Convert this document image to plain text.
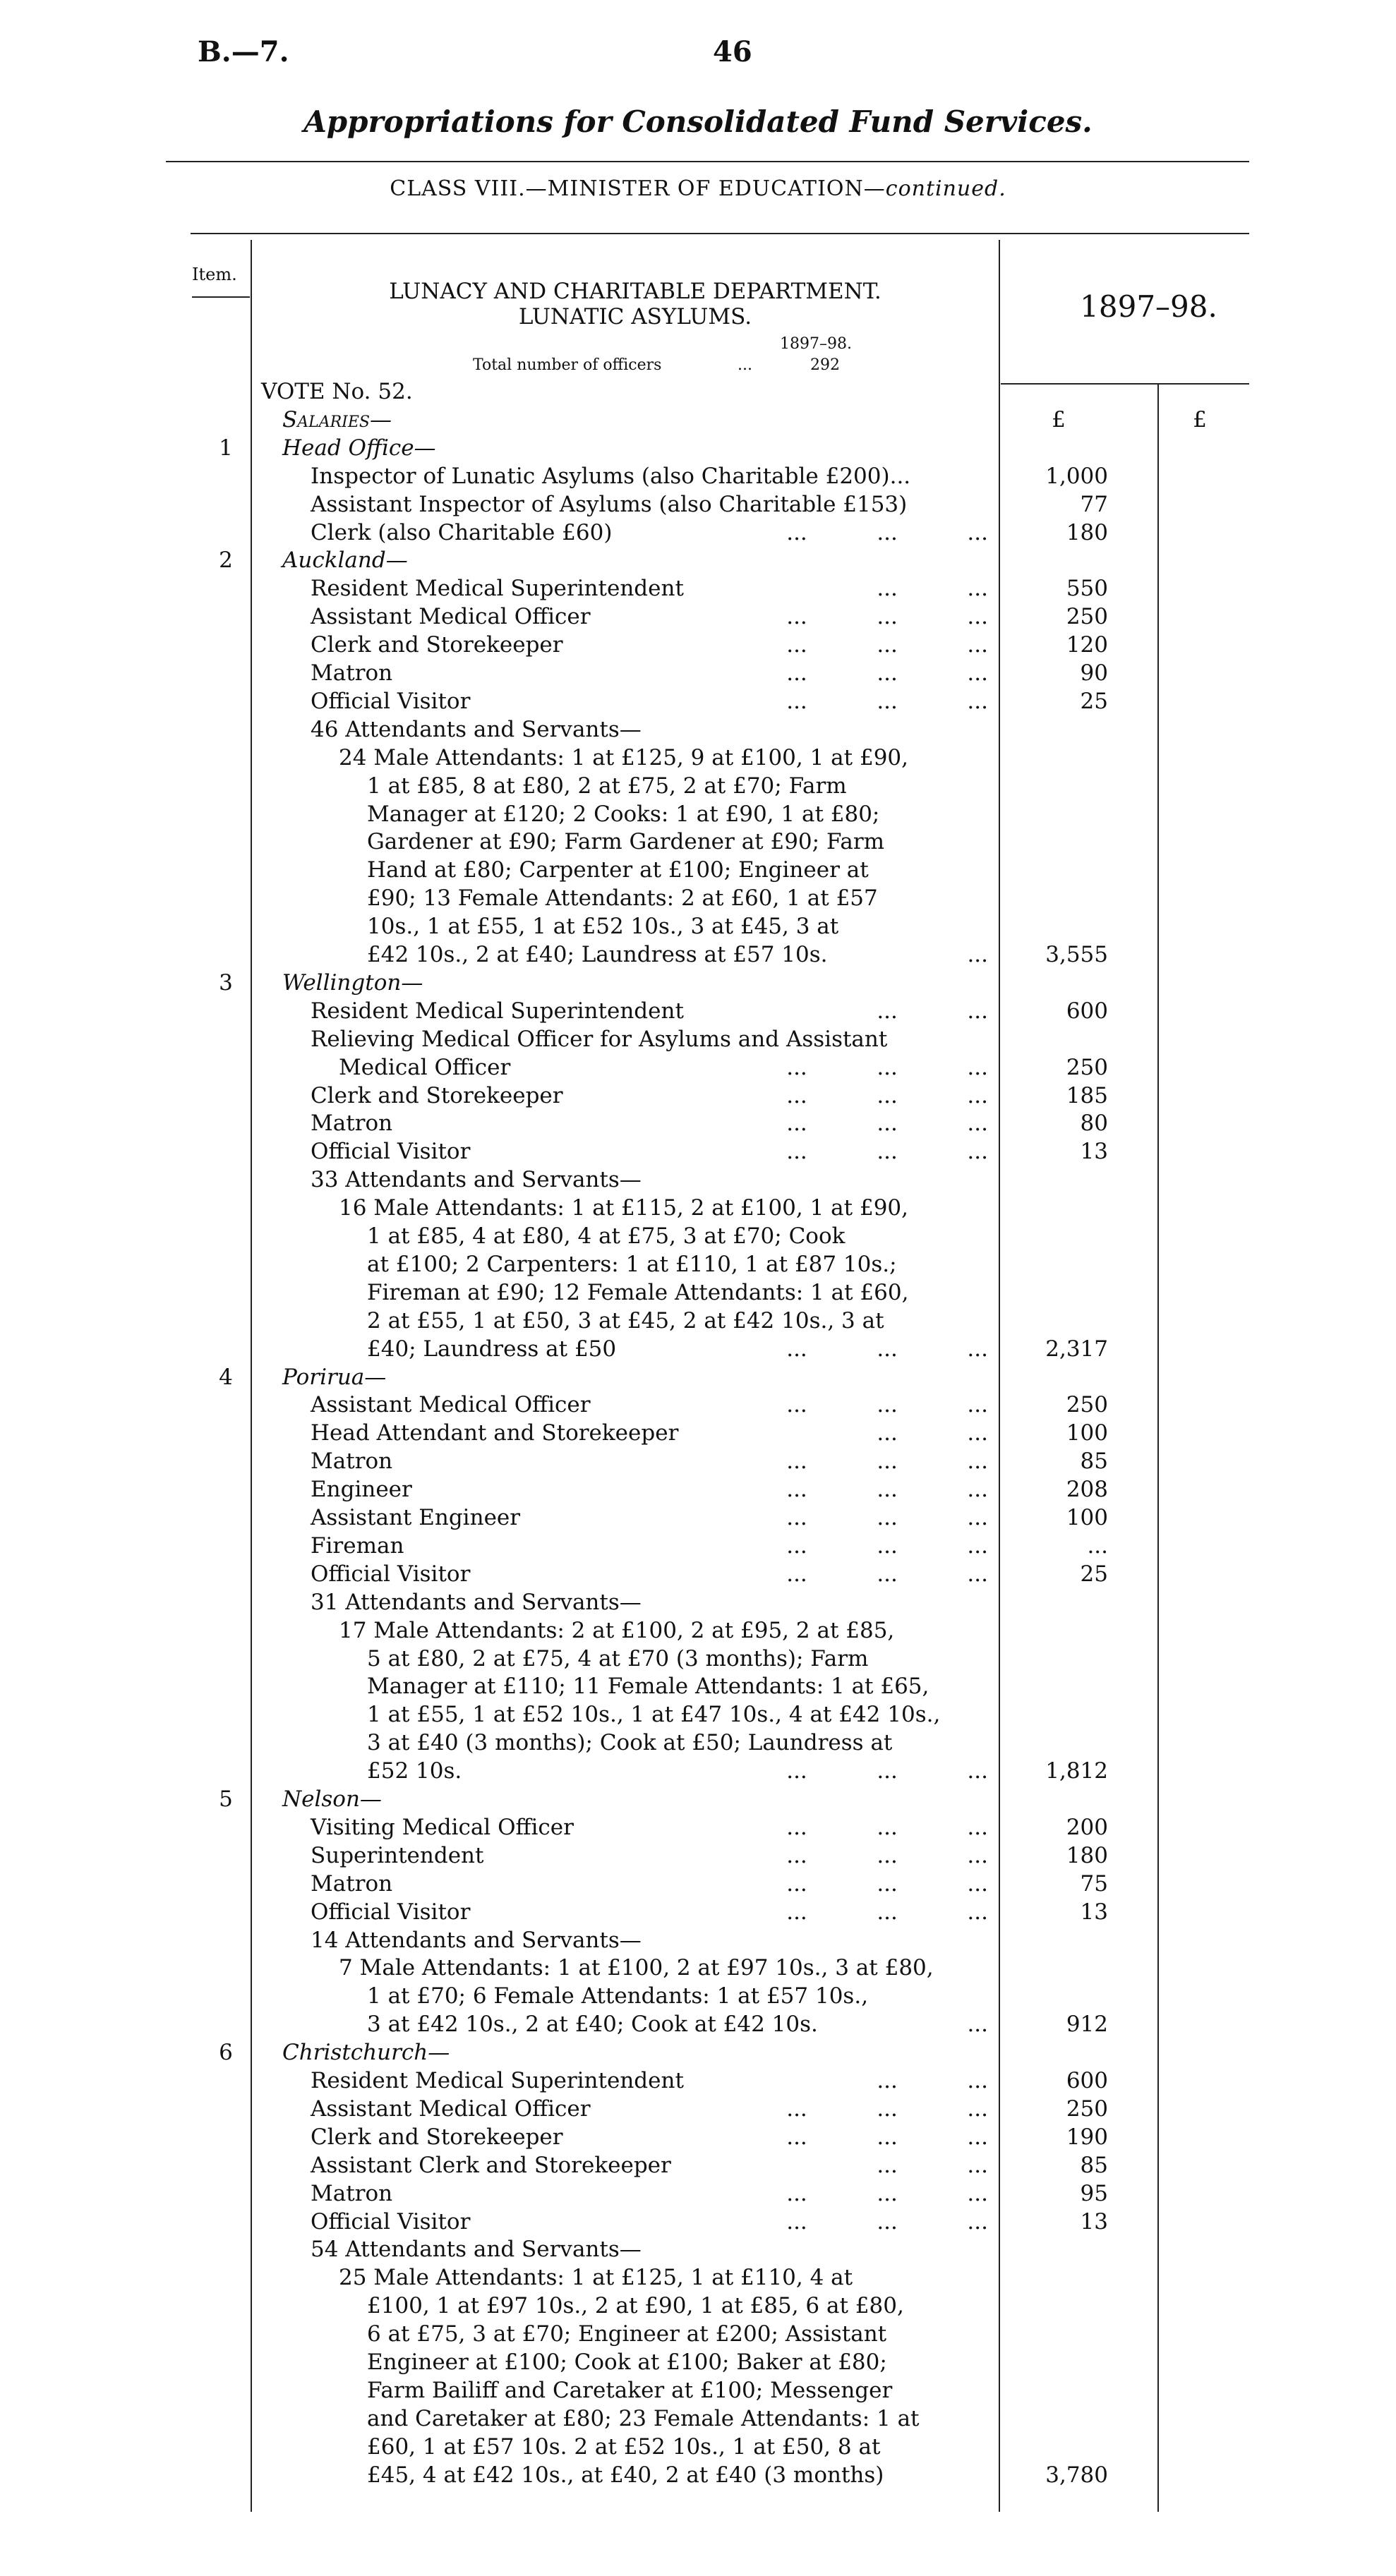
B.—7.	46
Appropriations for Consolidated Fund Services.
CLASS VIII.—MINISTER OF EDUCATION—continued.
Item.
1897–98.
LUNACY AND CHARITABLE DEPARTMENT.
LUNATIC ASYLUMS.
1897–98.
Total number of officers	...	292
VOTE No. 52.
Salaries—	£	£
1	Head Office—
Inspector of Lunatic Asylums (also Charitable £200)...	1,000
Assistant Inspector of Asylums (also Charitable £153)	77
Clerk (also Charitable £60)	...          ...          ...	180
2	Auckland—
Resident Medical Superintendent	...          ...	550
Assistant Medical Officer	...          ...          ...	250
Clerk and Storekeeper	...          ...          ...	120
Matron	...          ...          ...	90
Official Visitor	...          ...          ...	25
46 Attendants and Servants—
24 Male Attendants: 1 at £125, 9 at £100, 1 at £90,
1 at £85, 8 at £80, 2 at £75, 2 at £70; Farm
Manager at £120; 2 Cooks: 1 at £90, 1 at £80;
Gardener at £90; Farm Gardener at £90; Farm
Hand at £80; Carpenter at £100; Engineer at
£90; 13 Female Attendants: 2 at £60, 1 at £57
10s., 1 at £55, 1 at £52 10s., 3 at £45, 3 at
£42 10s., 2 at £40; Laundress at £57 10s.	...	3,555
3	Wellington—
Resident Medical Superintendent	...          ...	600
Relieving Medical Officer for Asylums and Assistant
Medical Officer	...          ...          ...	250
Clerk and Storekeeper	...          ...          ...	185
Matron	...          ...          ...	80
Official Visitor	...          ...          ...	13
33 Attendants and Servants—
16 Male Attendants: 1 at £115, 2 at £100, 1 at £90,
1 at £85, 4 at £80, 4 at £75, 3 at £70; Cook
at £100; 2 Carpenters: 1 at £110, 1 at £87 10s.;
Fireman at £90; 12 Female Attendants: 1 at £60,
2 at £55, 1 at £50, 3 at £45, 2 at £42 10s., 3 at
£40; Laundress at £50	...          ...          ...	2,317
4	Porirua—
Assistant Medical Officer	...          ...          ...	250
Head Attendant and Storekeeper	...          ...	100
Matron	...          ...          ...	85
Engineer	...          ...          ...	208
Assistant Engineer	...          ...          ...	100
Fireman	...          ...          ...	...
Official Visitor	...          ...          ...	25
31 Attendants and Servants—
17 Male Attendants: 2 at £100, 2 at £95, 2 at £85,
5 at £80, 2 at £75, 4 at £70 (3 months); Farm
Manager at £110; 11 Female Attendants: 1 at £65,
1 at £55, 1 at £52 10s., 1 at £47 10s., 4 at £42 10s.,
3 at £40 (3 months); Cook at £50; Laundress at
£52 10s.	...          ...          ...	1,812
5	Nelson—
Visiting Medical Officer	...          ...          ...	200
Superintendent	...          ...          ...	180
Matron	...          ...          ...	75
Official Visitor	...          ...          ...	13
14 Attendants and Servants—
7 Male Attendants: 1 at £100, 2 at £97 10s., 3 at £80,
1 at £70; 6 Female Attendants: 1 at £57 10s.,
3 at £42 10s., 2 at £40; Cook at £42 10s.	...	912
6	Christchurch—
Resident Medical Superintendent	...          ...	600
Assistant Medical Officer	...          ...          ...	250
Clerk and Storekeeper	...          ...          ...	190
Assistant Clerk and Storekeeper	...          ...	85
Matron	...          ...          ...	95
Official Visitor	...          ...          ...	13
54 Attendants and Servants—
25 Male Attendants: 1 at £125, 1 at £110, 4 at
£100, 1 at £97 10s., 2 at £90, 1 at £85, 6 at £80,
6 at £75, 3 at £70; Engineer at £200; Assistant
Engineer at £100; Cook at £100; Baker at £80;
Farm Bailiff and Caretaker at £100; Messenger
and Caretaker at £80; 23 Female Attendants: 1 at
£60, 1 at £57 10s. 2 at £52 10s., 1 at £50, 8 at
£45, 4 at £42 10s., at £40, 2 at £40 (3 months)	3,780
